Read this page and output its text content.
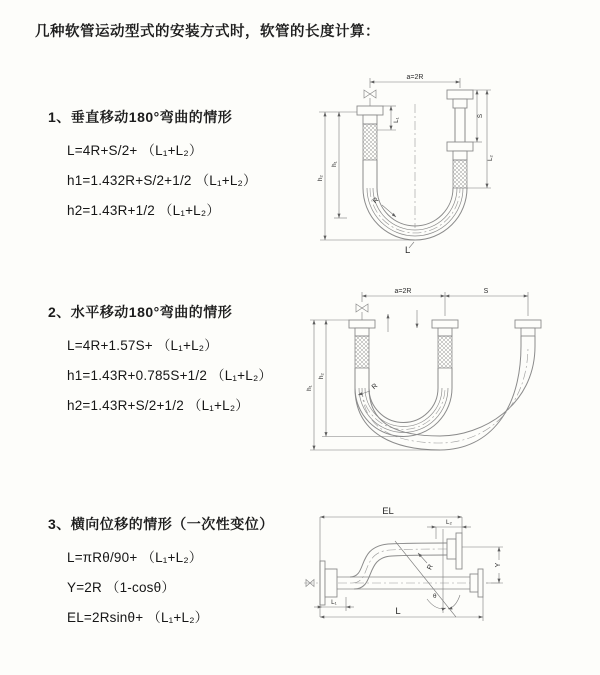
几种软管运动型式的安装方式时，软管的长度计算：
1、垂直移动180°弯曲的情形
L=4R+S/2+ （L₁+L₂）
h1=1.432R+S/2+1/2 （L₁+L₂）
h2=1.43R+1/2 （L₁+L₂）
2、水平移动180°弯曲的情形
L=4R+1.57S+ （L₁+L₂）
h1=1.43R+0.785S+1/2 （L₁+L₂）
h2=1.43R+S/2+1/2 （L₁+L₂）
3、横向位移的情形（一次性变位）
L=πRθ/90+ （L₁+L₂）
Y=2R （1-cosθ）
EL=2Rsinθ+ （L₁+L₂）
a=2R
L₁
S
L₂
h₁
h₂
R
L
a=2R	S
h₂
h₁	R
θ
R
EL
L₂
Y
L₁
L
